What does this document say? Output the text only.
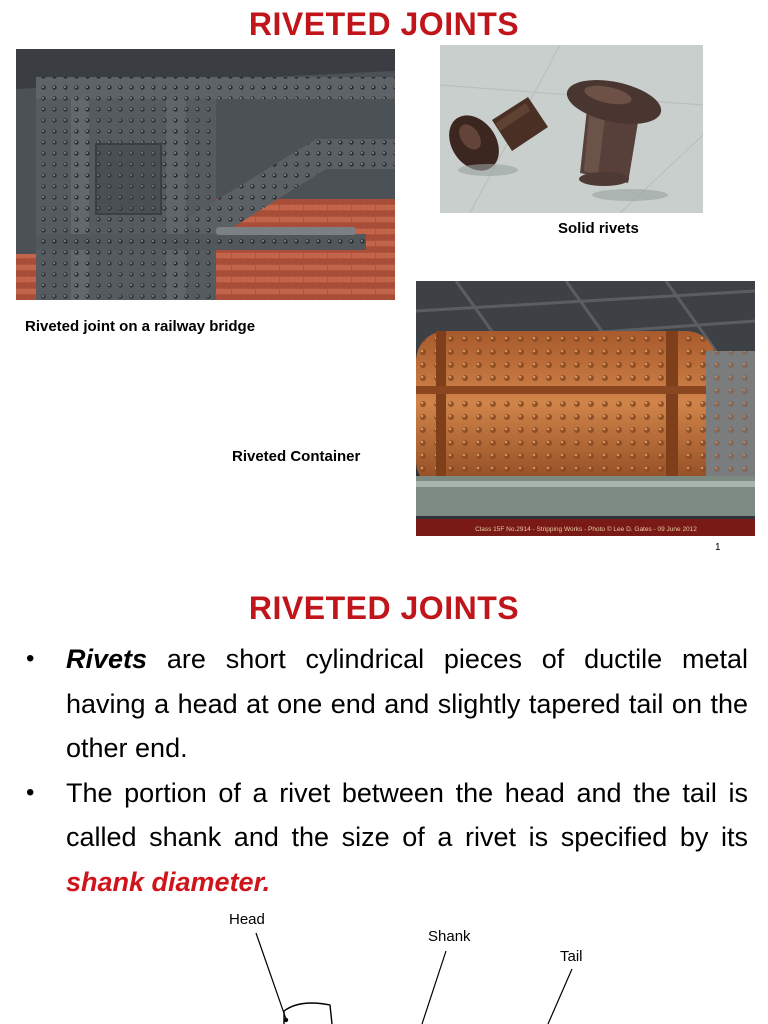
RIVETED JOINTS
Riveted joint on a railway bridge
Solid rivets
Class 15F No.2914 - Stripping Works - Photo © Lee D. Gates - 09 June 2012
Riveted Container
1
RIVETED JOINTS
• Rivets are short cylindrical pieces of ductile metal having a head at one end and slightly tapered tail on the other end.
• The portion of a rivet between the head and the tail is called shank and the size of a rivet is specified by its shank diameter.
Head
Shank
Tail
